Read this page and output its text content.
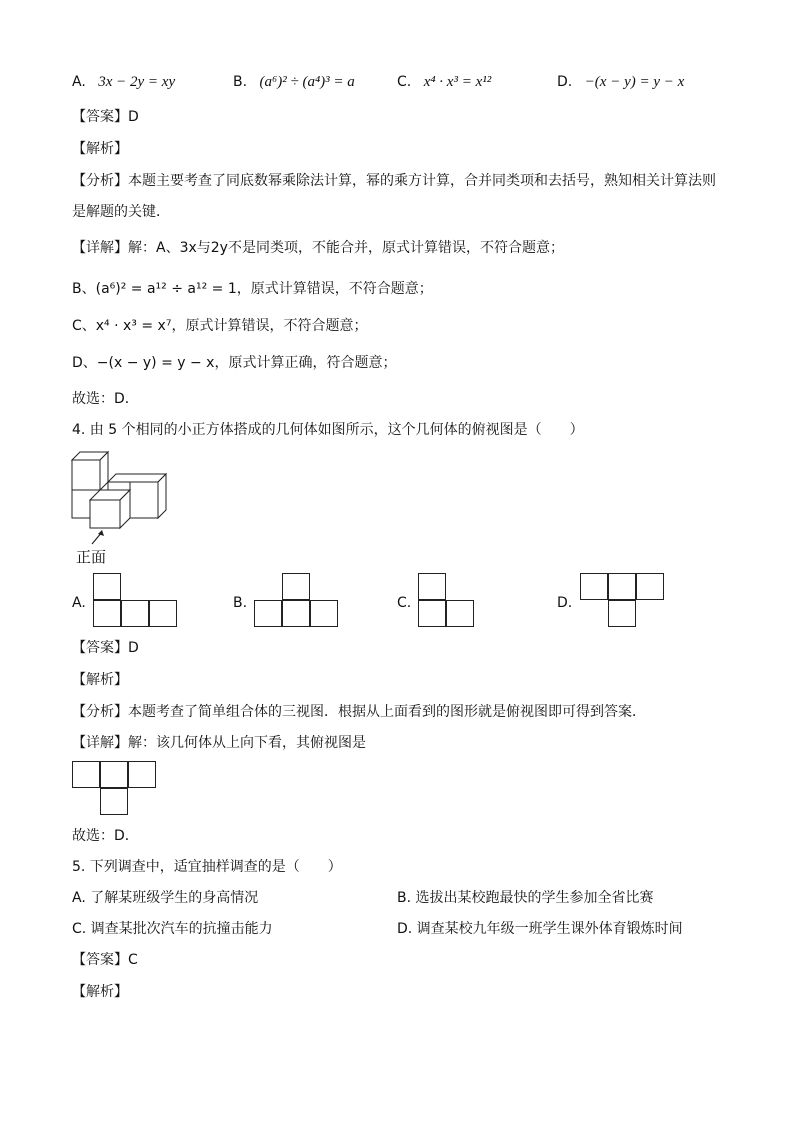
A. 3x − 2y = xy	B. (a⁶)² ÷ (a⁴)³ = a	C. x⁴ · x³ = x¹²	D. −(x − y) = y − x
【答案】D
【解析】
【分析】本题主要考查了同底数幂乘除法计算，幂的乘方计算，合并同类项和去括号，熟知相关计算法则
是解题的关键．
【详解】解：A、3x与2y不是同类项，不能合并，原式计算错误，不符合题意；
B、(a⁶)² = a¹² ÷ a¹² = 1，原式计算错误，不符合题意；
C、x⁴ · x³ = x⁷，原式计算错误，不符合题意；
D、−(x − y) = y − x，原式计算正确，符合题意；
故选：D．
4. 由 5 个相同的小正方体搭成的几何体如图所示，这个几何体的俯视图是（　　）
正面
A.	B.	C.	D.
【答案】D
【解析】
【分析】本题考查了简单组合体的三视图．根据从上面看到的图形就是俯视图即可得到答案．
【详解】解：该几何体从上向下看，其俯视图是
故选：D．
5. 下列调查中，适宜抽样调查的是（　　）
A. 了解某班级学生的身高情况	B. 选拔出某校跑最快的学生参加全省比赛
C. 调查某批次汽车的抗撞击能力	D. 调查某校九年级一班学生课外体育锻炼时间
【答案】C
【解析】
